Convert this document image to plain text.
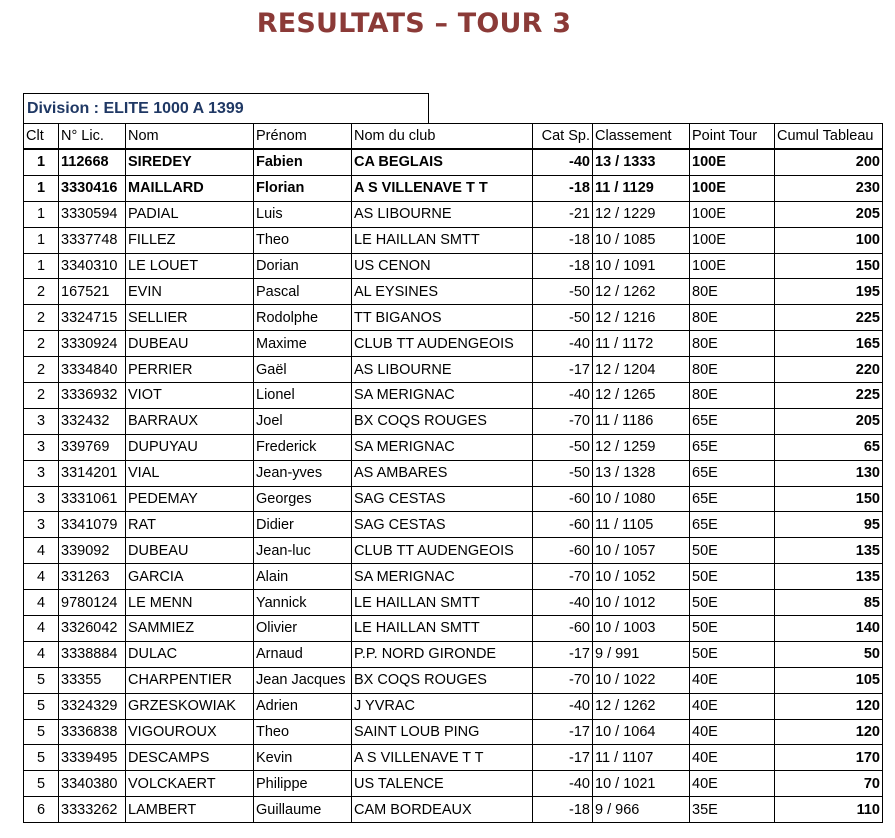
RESULTATS – TOUR 3
Division : ELITE 1000 A 1399
Clt	N° Lic.	Nom	Prénom	Nom du club	Cat Sp.	Classement	Point Tour	Cumul Tableau
1	112668	SIREDEY	Fabien	CA BEGLAIS	-40	13 / 1333	100E	200
1	3330416	MAILLARD	Florian	A S VILLENAVE T T	-18	11 / 1129	100E	230
1	3330594	PADIAL	Luis	AS LIBOURNE	-21	12 / 1229	100E	205
1	3337748	FILLEZ	Theo	LE HAILLAN SMTT	-18	10 / 1085	100E	100
1	3340310	LE LOUET	Dorian	US CENON	-18	10 / 1091	100E	150
2	167521	EVIN	Pascal	AL EYSINES	-50	12 / 1262	80E	195
2	3324715	SELLIER	Rodolphe	TT BIGANOS	-50	12 / 1216	80E	225
2	3330924	DUBEAU	Maxime	CLUB TT AUDENGEOIS	-40	11 / 1172	80E	165
2	3334840	PERRIER	Gaël	AS LIBOURNE	-17	12 / 1204	80E	220
2	3336932	VIOT	Lionel	SA MERIGNAC	-40	12 / 1265	80E	225
3	332432	BARRAUX	Joel	BX COQS ROUGES	-70	11 / 1186	65E	205
3	339769	DUPUYAU	Frederick	SA MERIGNAC	-50	12 / 1259	65E	65
3	3314201	VIAL	Jean-yves	AS AMBARES	-50	13 / 1328	65E	130
3	3331061	PEDEMAY	Georges	SAG CESTAS	-60	10 / 1080	65E	150
3	3341079	RAT	Didier	SAG CESTAS	-60	11 / 1105	65E	95
4	339092	DUBEAU	Jean-luc	CLUB TT AUDENGEOIS	-60	10 / 1057	50E	135
4	331263	GARCIA	Alain	SA MERIGNAC	-70	10 / 1052	50E	135
4	9780124	LE MENN	Yannick	LE HAILLAN SMTT	-40	10 / 1012	50E	85
4	3326042	SAMMIEZ	Olivier	LE HAILLAN SMTT	-60	10 / 1003	50E	140
4	3338884	DULAC	Arnaud	P.P. NORD GIRONDE	-17	9 / 991	50E	50
5	33355	CHARPENTIER	Jean Jacques	BX COQS ROUGES	-70	10 / 1022	40E	105
5	3324329	GRZESKOWIAK	Adrien	J YVRAC	-40	12 / 1262	40E	120
5	3336838	VIGOUROUX	Theo	SAINT LOUB PING	-17	10 / 1064	40E	120
5	3339495	DESCAMPS	Kevin	A S VILLENAVE T T	-17	11 / 1107	40E	170
5	3340380	VOLCKAERT	Philippe	US TALENCE	-40	10 / 1021	40E	70
6	3333262	LAMBERT	Guillaume	CAM BORDEAUX	-18	9 / 966	35E	110
